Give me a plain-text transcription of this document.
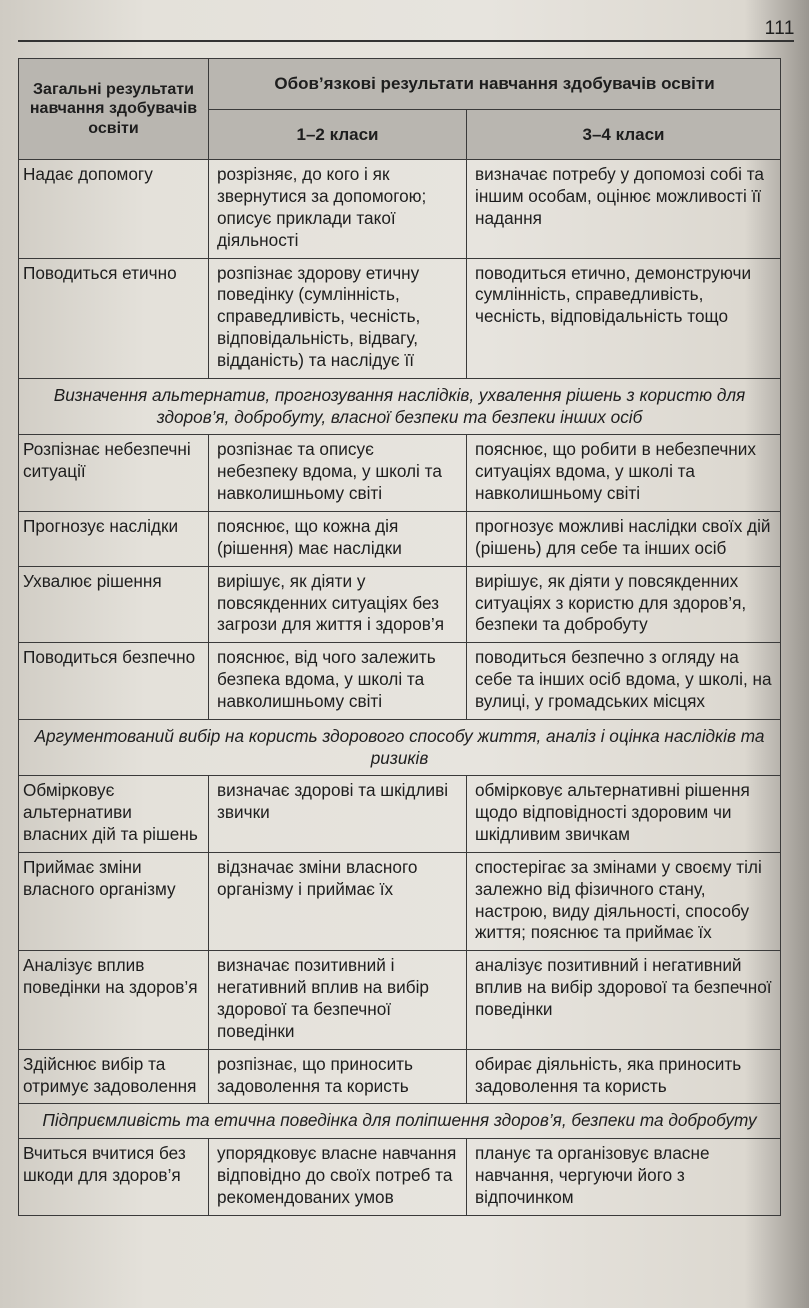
111
Загальні результати навчання здобувачів освіти	Обов’язкові результати навчання здобувачів освіти	
	1–2 класи	3–4 класи
Надає допомогу	розрізняє, до кого і як звернутися за допомогою; описує приклади такої діяльності	визначає потребу у допомозі собі та іншим особам, оцінює можливості її надання
Поводиться етично	розпізнає здорову етичну поведінку (сумлінність, справедливість, чесність, відповідальність, відвагу, відданість) та наслідує її	поводиться етично, демонструючи сумлінність, справедливість, чесність, відповідальність тощо
Визначення альтернатив, прогнозування наслідків, ухвалення рішень з користю для здоров’я, добробуту, власної безпеки та безпеки інших осіб		
Розпізнає небезпечні ситуації	розпізнає та описує небезпеку вдома, у школі та навколишньому світі	пояснює, що робити в небезпечних ситуаціях вдома, у школі та навколишньому світі
Прогнозує наслідки	пояснює, що кожна дія (рішення) має наслідки	прогнозує можливі наслідки своїх дій (рішень) для себе та інших осіб
Ухвалює рішення	вирішує, як діяти у повсякденних ситуаціях без загрози для життя і здоров’я	вирішує, як діяти у повсякденних ситуаціях з користю для здоров’я, безпеки та добробуту
Поводиться безпечно	пояснює, від чого залежить безпека вдома, у школі та навколишньому світі	поводиться безпечно з огляду на себе та інших осіб вдома, у школі, на вулиці, у громадських місцях
Аргументований вибір на користь здорового способу життя, аналіз і оцінка наслідків та ризиків		
Обмірковує альтернативи власних дій та рішень	визначає здорові та шкідливі звички	обмірковує альтернативні рішення щодо відповідності здоровим чи шкідливим звичкам
Приймає зміни власного організму	відзначає зміни власного організму і приймає їх	спостерігає за змінами у своєму тілі залежно від фізичного стану, настрою, виду діяльності, способу життя; пояснює та приймає їх
Аналізує вплив поведінки на здоров’я	визначає позитивний і негативний вплив на вибір здорової та безпечної поведінки	аналізує позитивний і негативний вплив на вибір здорової та безпечної поведінки
Здійснює вибір та отримує задоволення	розпізнає, що приносить задоволення та користь	обирає діяльність, яка приносить задоволення та користь
Підприємливість та етична поведінка для поліпшення здоров’я, безпеки та добробуту		
Вчиться вчитися без шкоди для здоров’я	упорядковує власне навчання відповідно до своїх потреб та рекомендованих умов	планує та організовує власне навчання, чергуючи його з відпочинком
